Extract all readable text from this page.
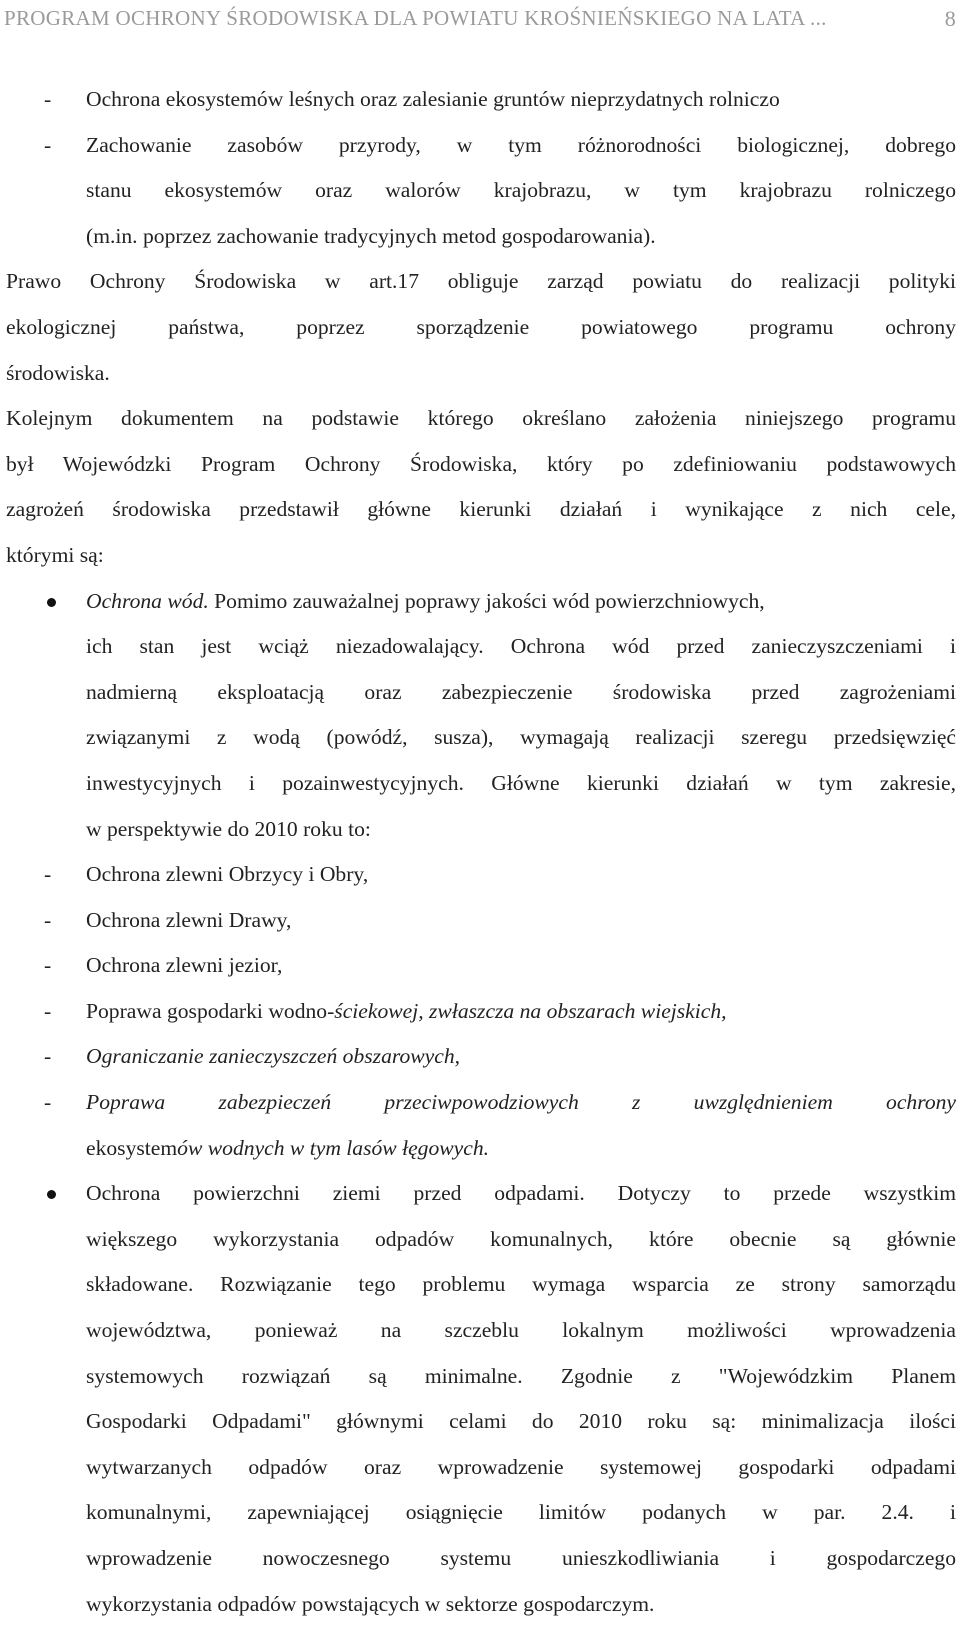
PROGRAM OCHRONY ŚRODOWISKA DLA POWIATU KROŚNIEŃSKIEGO NA LATA ...	8
- Ochrona ekosystemów leśnych oraz zalesianie gruntów nieprzydatnych rolniczo
- Zachowanie zasobów przyrody, w tym różnorodności biologicznej, dobrego
stanu ekosystemów oraz walorów krajobrazu, w tym krajobrazu rolniczego
(m.in. poprzez zachowanie tradycyjnych metod gospodarowania).
Prawo Ochrony Środowiska w art.17 obliguje zarząd powiatu do realizacji polityki
ekologicznej państwa, poprzez sporządzenie powiatowego programu ochrony
środowiska.
Kolejnym dokumentem na podstawie którego określano założenia niniejszego programu
był Wojewódzki Program Ochrony Środowiska, który po zdefiniowaniu podstawowych
zagrożeń środowiska przedstawił główne kierunki działań i wynikające z nich cele,
którymi są:
Ochrona wód. Pomimo zauważalnej poprawy jakości wód powierzchniowych,
ich stan jest wciąż niezadowalający. Ochrona wód przed zanieczyszczeniami i
nadmierną eksploatacją oraz zabezpieczenie środowiska przed zagrożeniami
związanymi z wodą (powódź, susza), wymagają realizacji szeregu przedsięwzięć
inwestycyjnych i pozainwestycyjnych. Główne kierunki działań w tym zakresie,
w perspektywie do 2010 roku to:
- Ochrona zlewni Obrzycy i Obry,
- Ochrona zlewni Drawy,
- Ochrona zlewni jezior,
- Poprawa gospodarki wodno-ściekowej, zwłaszcza na obszarach wiejskich,
- Ograniczanie zanieczyszczeń obszarowych,
- Poprawa zabezpieczeń przeciwpowodziowych z uwzględnieniem ochrony
ekosystemów wodnych w tym lasów łęgowych.
Ochrona powierzchni ziemi przed odpadami. Dotyczy to przede wszystkim
większego wykorzystania odpadów komunalnych, które obecnie są głównie
składowane. Rozwiązanie tego problemu wymaga wsparcia ze strony samorządu
województwa, ponieważ na szczeblu lokalnym możliwości wprowadzenia
systemowych rozwiązań są minimalne. Zgodnie z "Wojewódzkim Planem
Gospodarki Odpadami" głównymi celami do 2010 roku są: minimalizacja ilości
wytwarzanych odpadów oraz wprowadzenie systemowej gospodarki odpadami
komunalnymi, zapewniającej osiągnięcie limitów podanych w par. 2.4. i
wprowadzenie nowoczesnego systemu unieszkodliwiania i gospodarczego
wykorzystania odpadów powstających w sektorze gospodarczym.
